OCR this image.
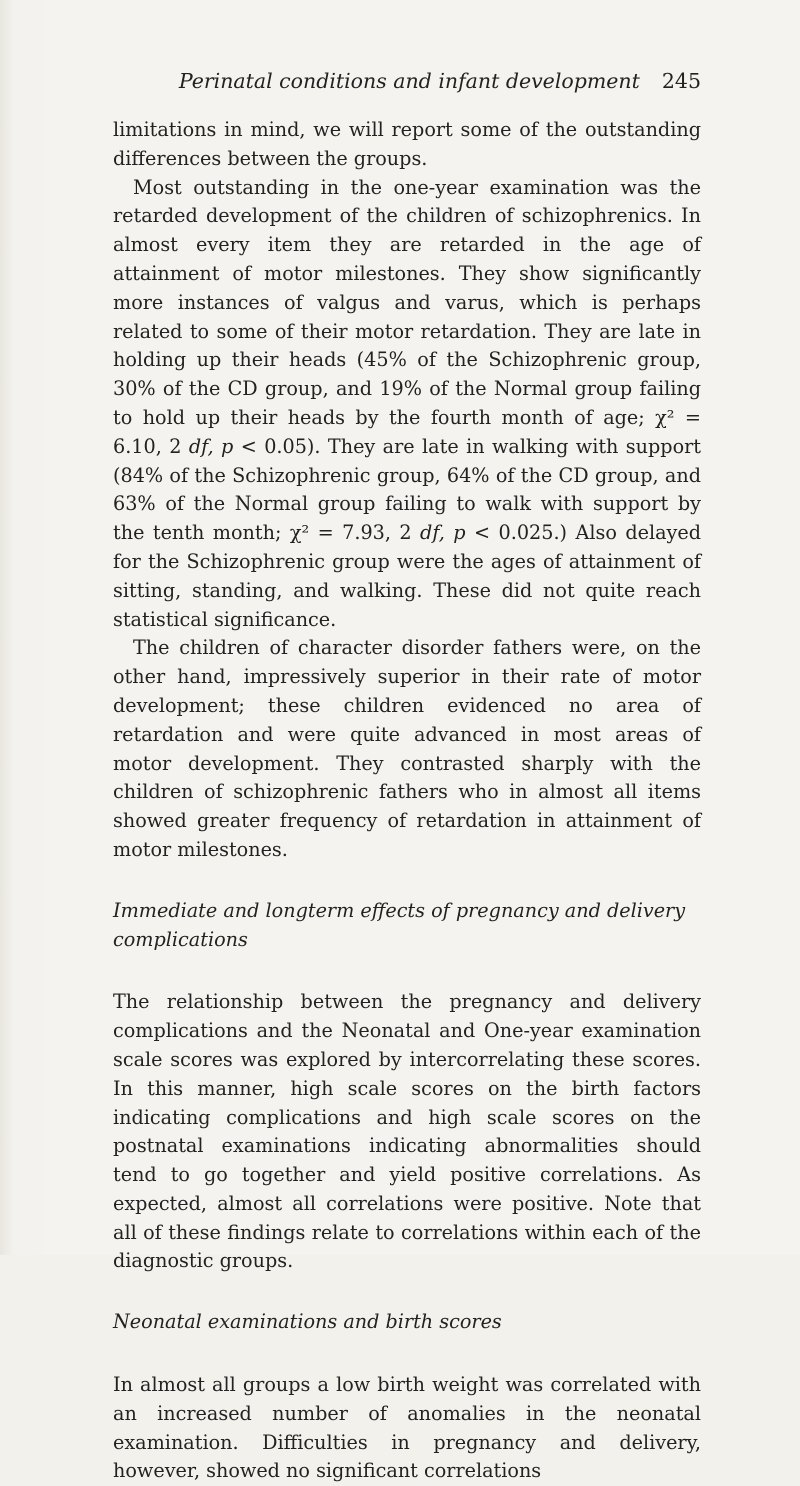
Perinatal conditions and infant development 245

limitations in mind, we will report some of the outstanding differences between the groups.

Most outstanding in the one-year examination was the retarded development of the children of schizophrenics. In almost every item they are retarded in the age of attainment of motor milestones. They show significantly more instances of valgus and varus, which is perhaps related to some of their motor retardation. They are late in holding up their heads (45% of the Schizophrenic group, 30% of the CD group, and 19% of the Normal group failing to hold up their heads by the fourth month of age; χ² = 6.10, 2 df, p < 0.05). They are late in walking with support (84% of the Schizophrenic group, 64% of the CD group, and 63% of the Normal group failing to walk with support by the tenth month; χ² = 7.93, 2 df, p < 0.025.) Also delayed for the Schizophrenic group were the ages of attainment of sitting, standing, and walking. These did not quite reach statistical significance.

The children of character disorder fathers were, on the other hand, impressively superior in their rate of motor development; these children evidenced no area of retardation and were quite advanced in most areas of motor development. They contrasted sharply with the children of schizophrenic fathers who in almost all items showed greater frequency of retardation in attainment of motor milestones.

Immediate and longterm effects of pregnancy and delivery complications

The relationship between the pregnancy and delivery complications and the Neonatal and One-year examination scale scores was explored by intercorrelating these scores. In this manner, high scale scores on the birth factors indicating complications and high scale scores on the postnatal examinations indicating abnormalities should tend to go together and yield positive correlations. As expected, almost all correlations were positive. Note that all of these findings relate to correlations within each of the diagnostic groups.

Neonatal examinations and birth scores

In almost all groups a low birth weight was correlated with an increased number of anomalies in the neonatal examination. Difficulties in pregnancy and delivery, however, showed no significant correlations
